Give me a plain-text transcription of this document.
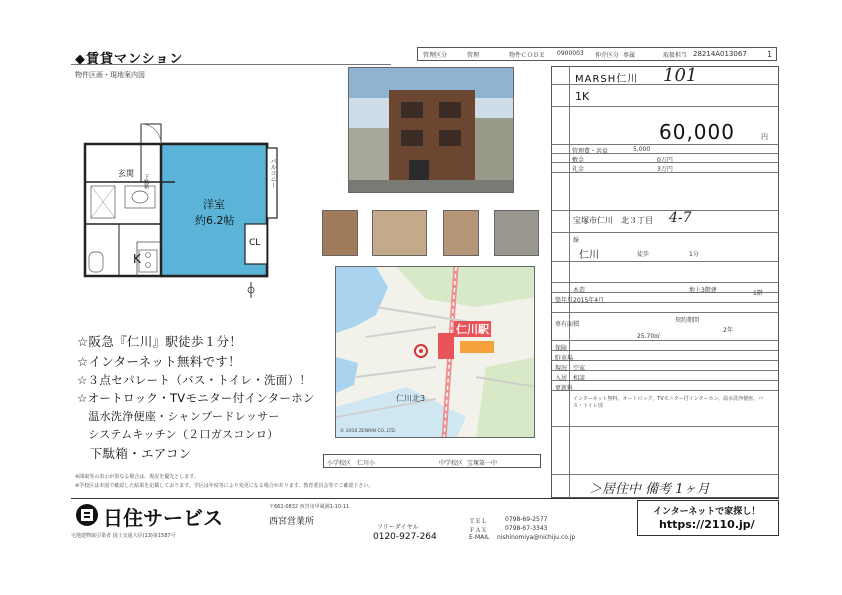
◆賃貸マンション	管理区分	管理	物件ＣＯＤＥ 0900003 仲介区分 専属	取扱担当 28214A013067	1
物件区画・現地案内図
玄関
下駄箱
洋室
約6.2帖
バルコニー
CL
K
☆阪急『仁川』駅徒歩１分！
☆インターネット無料です！
☆３点セパレート（バス・トイレ・洗面）！
☆オートロック・TVモニター付インターホン
　温水洗浄便座・シャンプードレッサー
　システムキッチン（２口ガスコンロ）
　下駄箱・エアコン
※間取等の表示が異なる場合は、現況を優先とします。
※学校区は本図で確認した結果を記載しております。学区は年度等により変更になる場合があります。教育委員会等でご確認下さい。
仁川駅
仁川北3
© 2016 ZENRIN CO.,LTD.
小学校区 仁川小	中学校区 宝塚第一中
MARSH仁川 101
1K
60,000	円
管理費・共益	5,000
敷金	0万円
礼金	3万円
宝塚市仁川　北３丁目 4-7
線
仁川	徒歩	1分
木造	地上3階建	1階
築年月 2015年4月
専有面積
25.70㎡
契約期間
2年
保険
駐車場
現況 空家
入居 相談
更新料
インターネット無料、オートロック、TVモニター付インターホン、温水洗浄便座、バス・トイレ別
＞居住中 備考 1ヶ月
日住サービス	西宮営業所
〒662-0832 西宮市甲風園1-10-11
宅地建物取引業者 国土交通大臣(13)第1587号
フリーダイヤル
0120-927-264
ＴＥＬ	0798-69-2577
ＦＡＸ	0798-67-3343
E-MAIL nishinomiya@nichiju.co.jp
インターネットで家探し！
https://2110.jp/
